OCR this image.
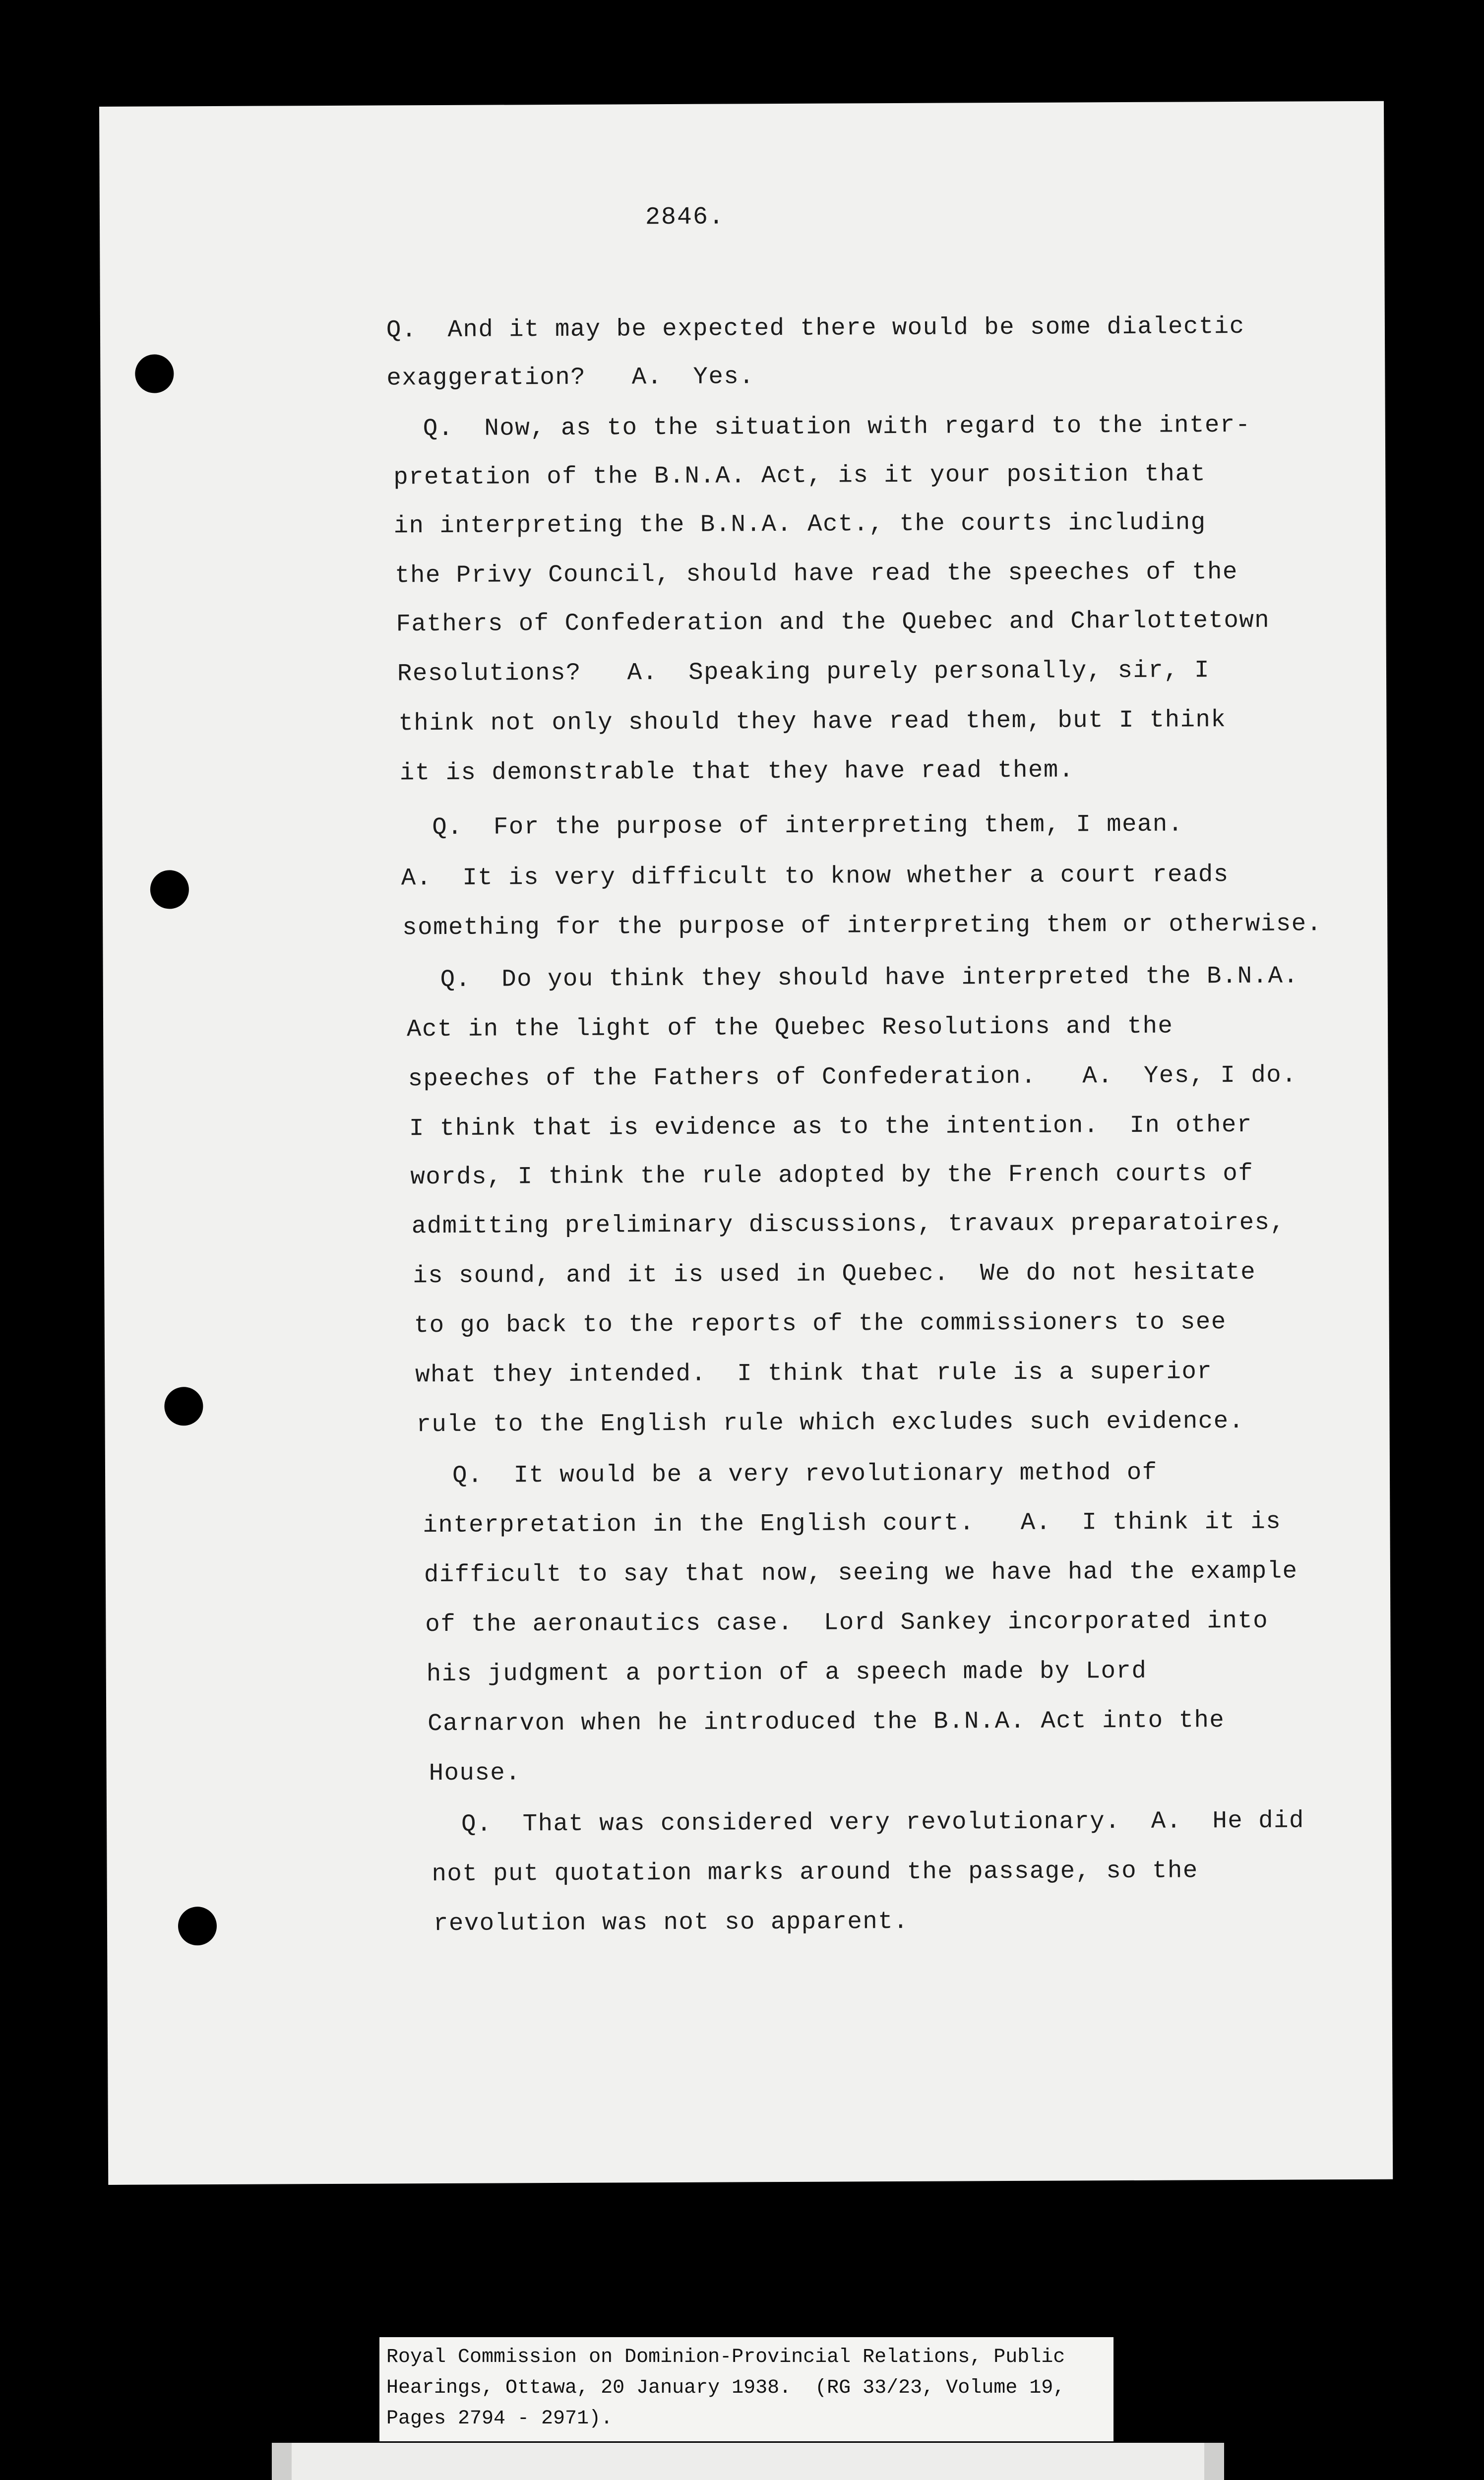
2846.
Q.  And it may be expected there would be some dialectic
exaggeration?   A.  Yes.
Q.  Now, as to the situation with regard to the inter-
pretation of the B.N.A. Act, is it your position that
in interpreting the B.N.A. Act., the courts including
the Privy Council, should have read the speeches of the
Fathers of Confederation and the Quebec and Charlottetown
Resolutions?   A.  Speaking purely personally, sir, I
think not only should they have read them, but I think
it is demonstrable that they have read them.
Q.  For the purpose of interpreting them, I mean.
A.  It is very difficult to know whether a court reads
something for the purpose of interpreting them or otherwise.
Q.  Do you think they should have interpreted the B.N.A.
Act in the light of the Quebec Resolutions and the
speeches of the Fathers of Confederation.   A.  Yes, I do.
I think that is evidence as to the intention.  In other
words, I think the rule adopted by the French courts of
admitting preliminary discussions, travaux preparatoires,
is sound, and it is used in Quebec.  We do not hesitate
to go back to the reports of the commissioners to see
what they intended.  I think that rule is a superior
rule to the English rule which excludes such evidence.
Q.  It would be a very revolutionary method of
interpretation in the English court.   A.  I think it is
difficult to say that now, seeing we have had the example
of the aeronautics case.  Lord Sankey incorporated into
his judgment a portion of a speech made by Lord
Carnarvon when he introduced the B.N.A. Act into the
House.
Q.  That was considered very revolutionary.  A.  He did
not put quotation marks around the passage, so the
revolution was not so apparent.
Royal Commission on Dominion-Provincial Relations, Public
Hearings, Ottawa, 20 January 1938.  (RG 33/23, Volume 19,
Pages 2794 - 2971).
